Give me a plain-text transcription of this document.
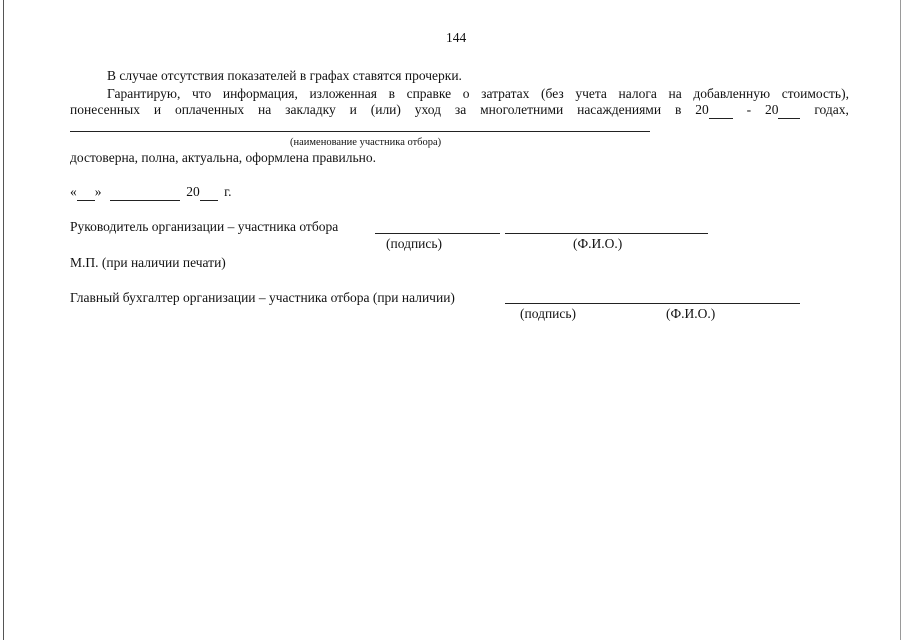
144
В случае отсутствия показателей в графах ставятся прочерки.
Гарантирую, что информация, изложенная в справке о затратах (без учета налога на добавленную стоимость),
понесенных и оплаченных на закладку и (или) уход за многолетними насаждениями в 20	- 20	годах,
(наименование участника отбора)
достоверна, полна, актуальна, оформлена правильно.
« »	20 г.
Руководитель организации – участника отбора
(подпись)	(Ф.И.О.)
М.П. (при наличии печати)
Главный бухгалтер организации – участника отбора (при наличии)
(подпись)	(Ф.И.О.)
